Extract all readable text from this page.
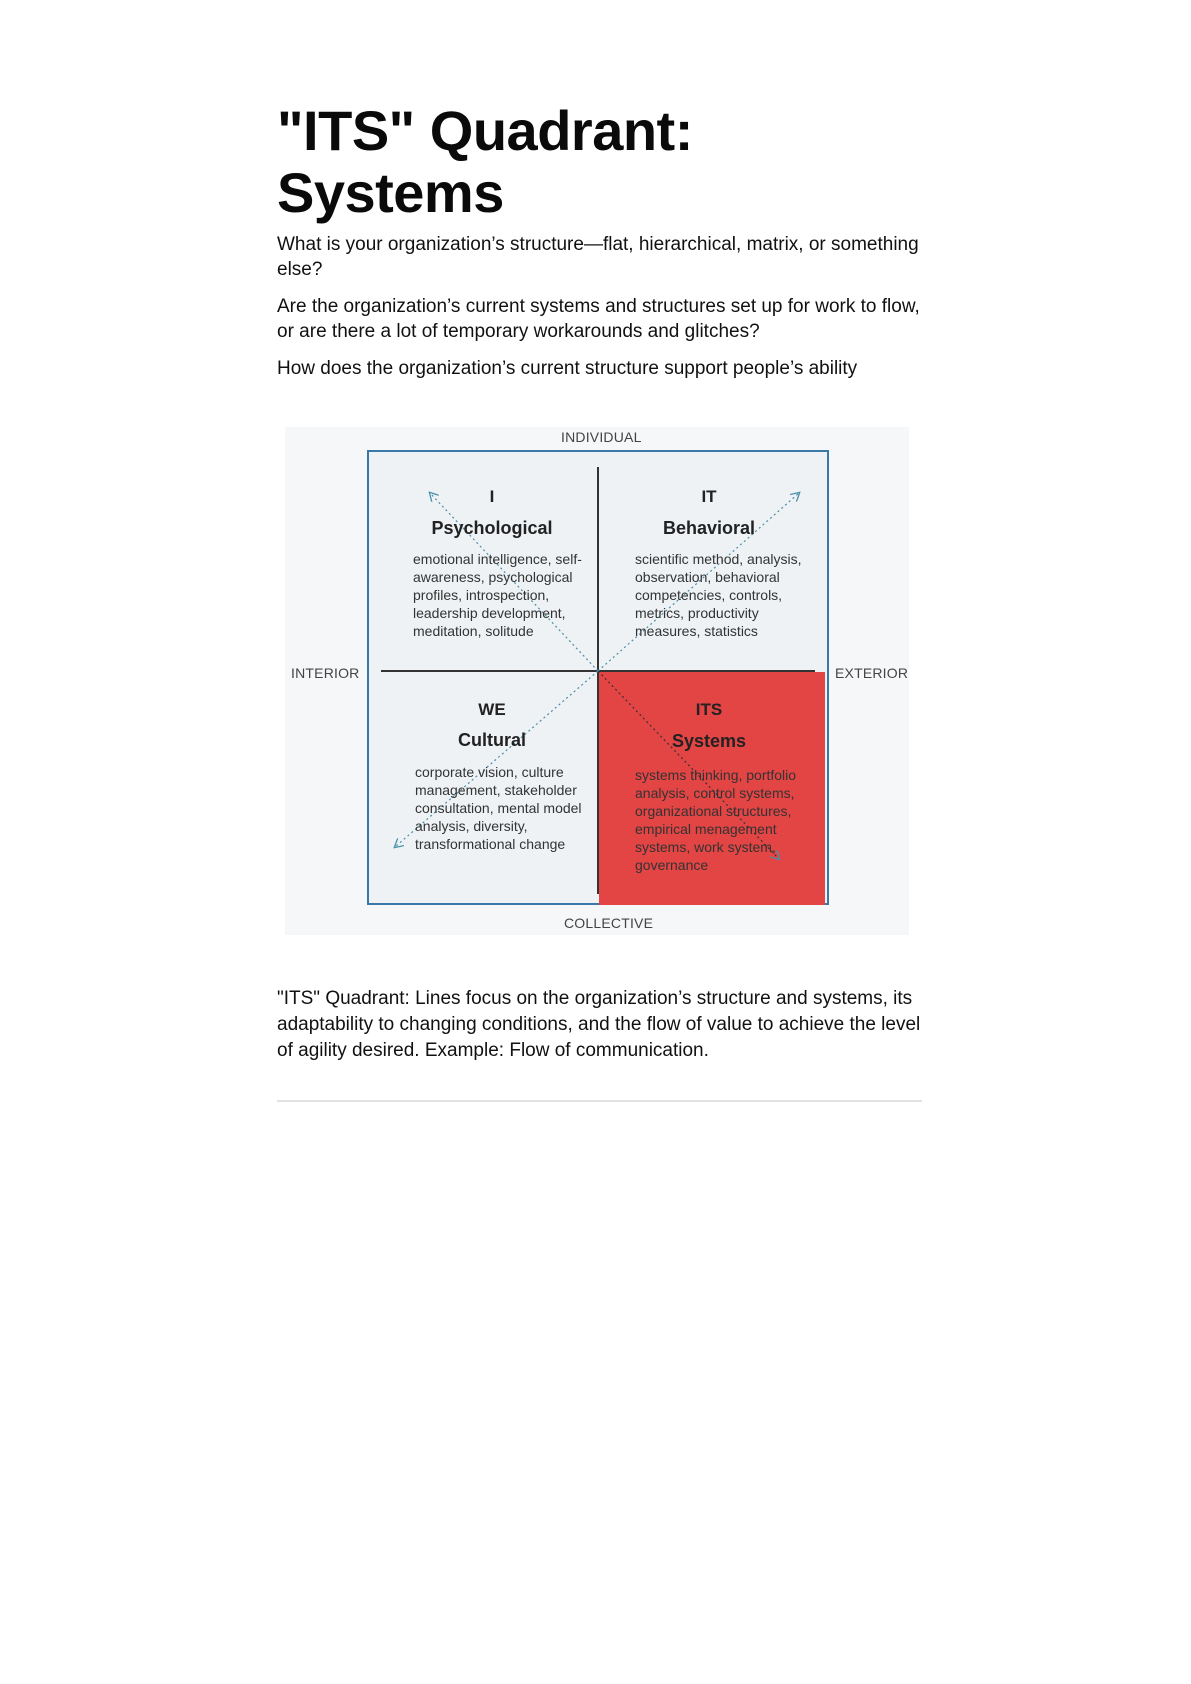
"ITS" Quadrant: Systems

What is your organization’s structure—flat, hierarchical, matrix, or something else?

Are the organization’s current systems and structures set up for work to flow, or are there a lot of temporary workarounds and glitches?

How does the organization’s current structure support people’s ability

INDIVIDUAL
COLLECTIVE
INTERIOR	EXTERIOR
I
Psychological
emotional intelligence, self-awareness, psychological profiles, introspection, leadership development, meditation, solitude
IT
Behavioral
scientific method, analysis, observation, behavioral competencies, controls, metrics, productivity measures, statistics
WE
Cultural
corporate vision, culture management, stakeholder consultation, mental model analysis, diversity, transformational change
ITS
Systems
systems thinking, portfolio analysis, control systems, organizational structures, empirical menagement systems, work system, governance

"ITS" Quadrant: Lines focus on the organization’s structure and systems, its adaptability to changing conditions, and the flow of value to achieve the level of agility desired. Example: Flow of communication.
